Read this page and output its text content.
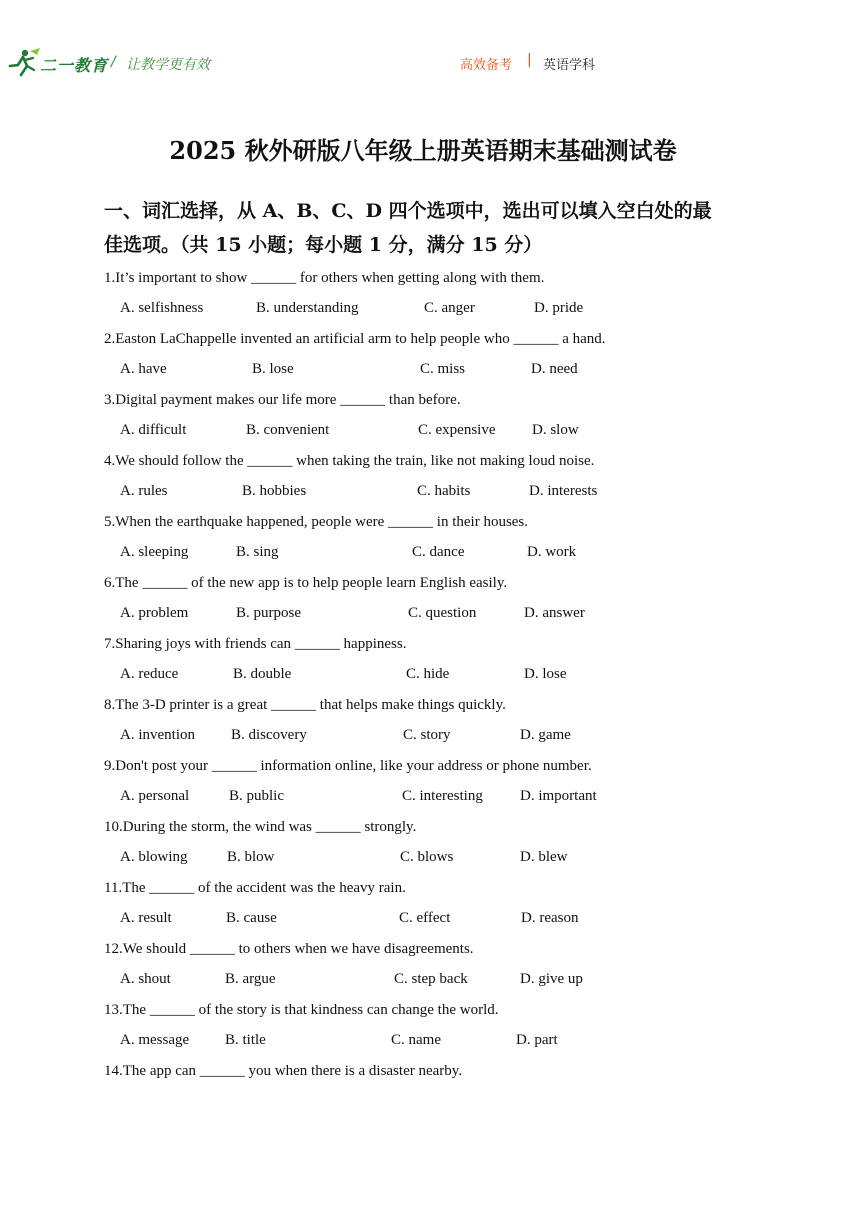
二一教育 / 让教学更有效	高效备考 | 英语学科
2025 秋外研版八年级上册英语期末基础测试卷
一、词汇选择，从 A、B、C、D 四个选项中，选出可以填入空白处的最
佳选项。（共 15 小题；每小题 1 分，满分 15 分）
1.It’s important to show ______ for others when getting along with them.
A. selfishness	B. understanding	C. anger	D. pride
2.Easton LaChappelle invented an artificial arm to help people who ______ a hand.
A. have	B. lose	C. miss	D. need
3.Digital payment makes our life more ______ than before.
A. difficult	B. convenient	C. expensive D. slow
4.We should follow the ______ when taking the train, like not making loud noise.
A. rules	B. hobbies	C. habits	D. interests
5.When the earthquake happened, people were ______ in their houses.
A. sleeping	B. sing	C. dance	D. work
6.The ______ of the new app is to help people learn English easily.
A. problem	B. purpose	C. question	D. answer
7.Sharing joys with friends can ______ happiness.
A. reduce	B. double	C. hide	D. lose
8.The 3-D printer is a great ______ that helps make things quickly.
A. invention B. discovery	C. story	D. game
9.Don't post your ______ information online, like your address or phone number.
A. personal	B. public	C. interesting D. important
10.During the storm, the wind was ______ strongly.
A. blowing	B. blow	C. blows	D. blew
11.The ______ of the accident was the heavy rain.
A. result	B. cause	C. effect	D. reason
12.We should ______ to others when we have disagreements.
A. shout	B. argue	C. step back	D. give up
13.The ______ of the story is that kindness can change the world.
A. message B. title	C. name	D. part
14.The app can ______ you when there is a disaster nearby.
